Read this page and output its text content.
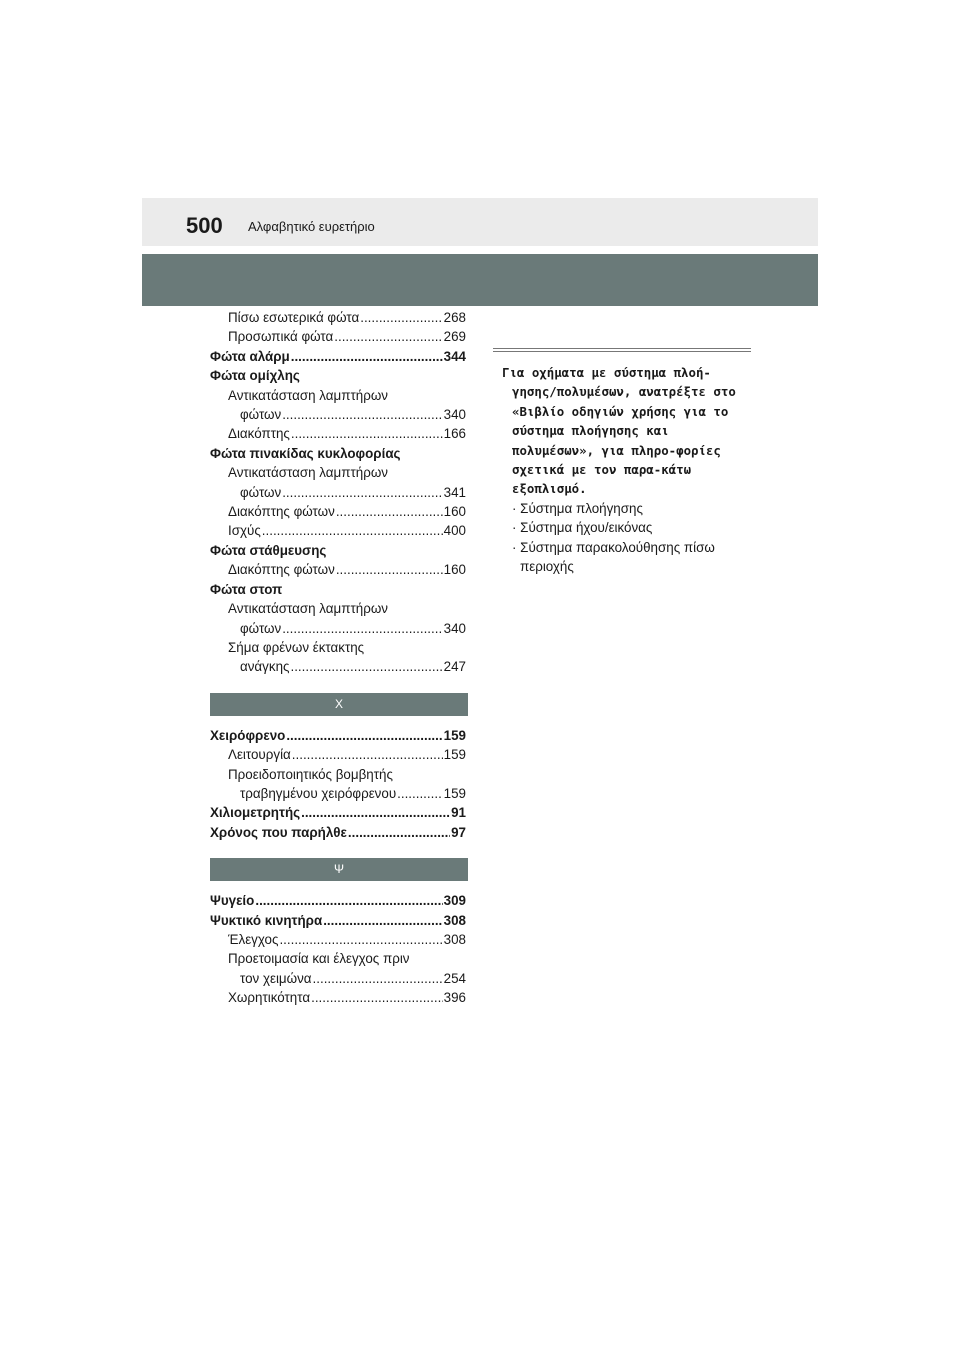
500 Αλφαβητικό ευρετήριο
Πίσω εσωτερικά φώτα .....	268
Προσωπικά φώτα .....	269
Φώτα αλάρμ .....	344
Φώτα ομίχλης
Αντικατάσταση λαμπτήρων
φώτων .....	340
Διακόπτης .....	166
Φώτα πινακίδας κυκλοφορίας
Αντικατάσταση λαμπτήρων
φώτων .....	341
Διακόπτης φώτων .....	160
Ισχύς .....	400
Φώτα στάθμευσης
Διακόπτης φώτων .....	160
Φώτα στοπ
Αντικατάσταση λαμπτήρων
φώτων .....	340
Σήμα φρένων έκτακτης
ανάγκης .....	247
Χ
Χειρόφρενο .....	159
Λειτουργία .....	159
Προειδοποιητικός βομβητής
τραβηγμένου χειρόφρενου .....	159
Χιλιομετρητής .....	91
Χρόνος που παρήλθε .....	97
Ψ
Ψυγείο .....	309
Ψυκτικό κινητήρα .....	308
Έλεγχος .....	308
Προετοιμασία και έλεγχος πριν
τον χειμώνα .....	254
Χωρητικότητα .....	396
Για οχήματα με σύστημα πλοή-γησης/πολυμέσων, ανατρέξτε στο «Βιβλίο οδηγιών χρήσης για το σύστημα πλοήγησης και πολυμέσων», για πληρο-φορίες σχετικά με τον παρα-κάτω εξοπλισμό.
· Σύστημα πλοήγησης
· Σύστημα ήχου/εικόνας
· Σύστημα παρακολούθησης πίσω περιοχής
